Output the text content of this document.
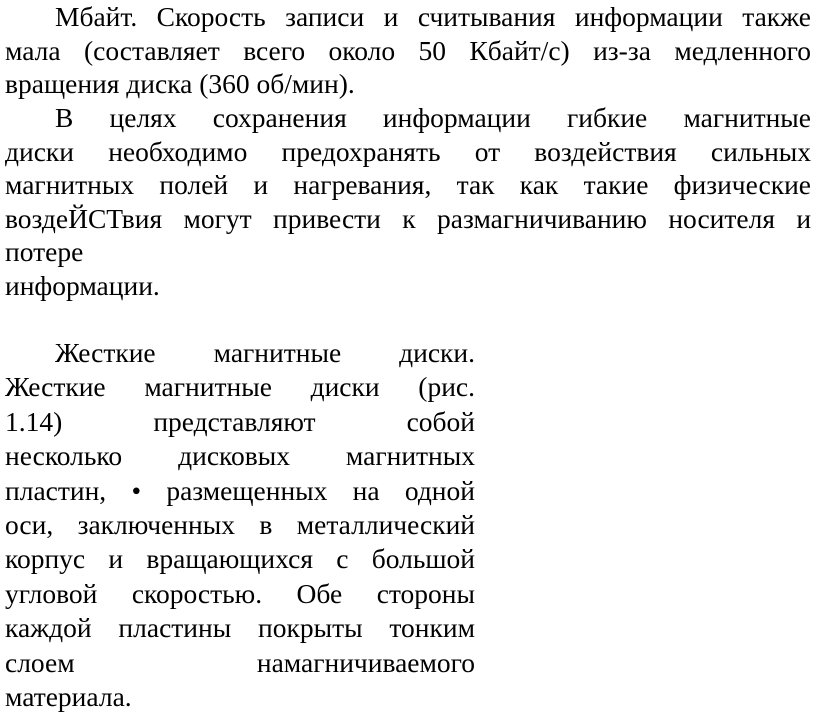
Мбайт. Скорость записи и считывания информации также
мала (составляет всего около 50 Кбайт/с) из-за медленного
вращения диска (360 об/мин).
В целях сохранения информации гибкие магнитные
диски необходимо предохранять от воздействия сильных
магнитных полей и нагревания, так как такие физические
воздеЙСТвия могут привести к размагничиванию носителя и
потере
информации.
Жесткие магнитные диски.
Жесткие магнитные диски (рис.
1.14)	представляют	собой
несколько дисковых магнитных
пластин, • размещенных на одной
оси, заключенных в металлический
корпус и вращающихся с большой
угловой скоростью. Обе стороны
каждой пластины покрыты тонким
слоем	намагничиваемого
материала.
